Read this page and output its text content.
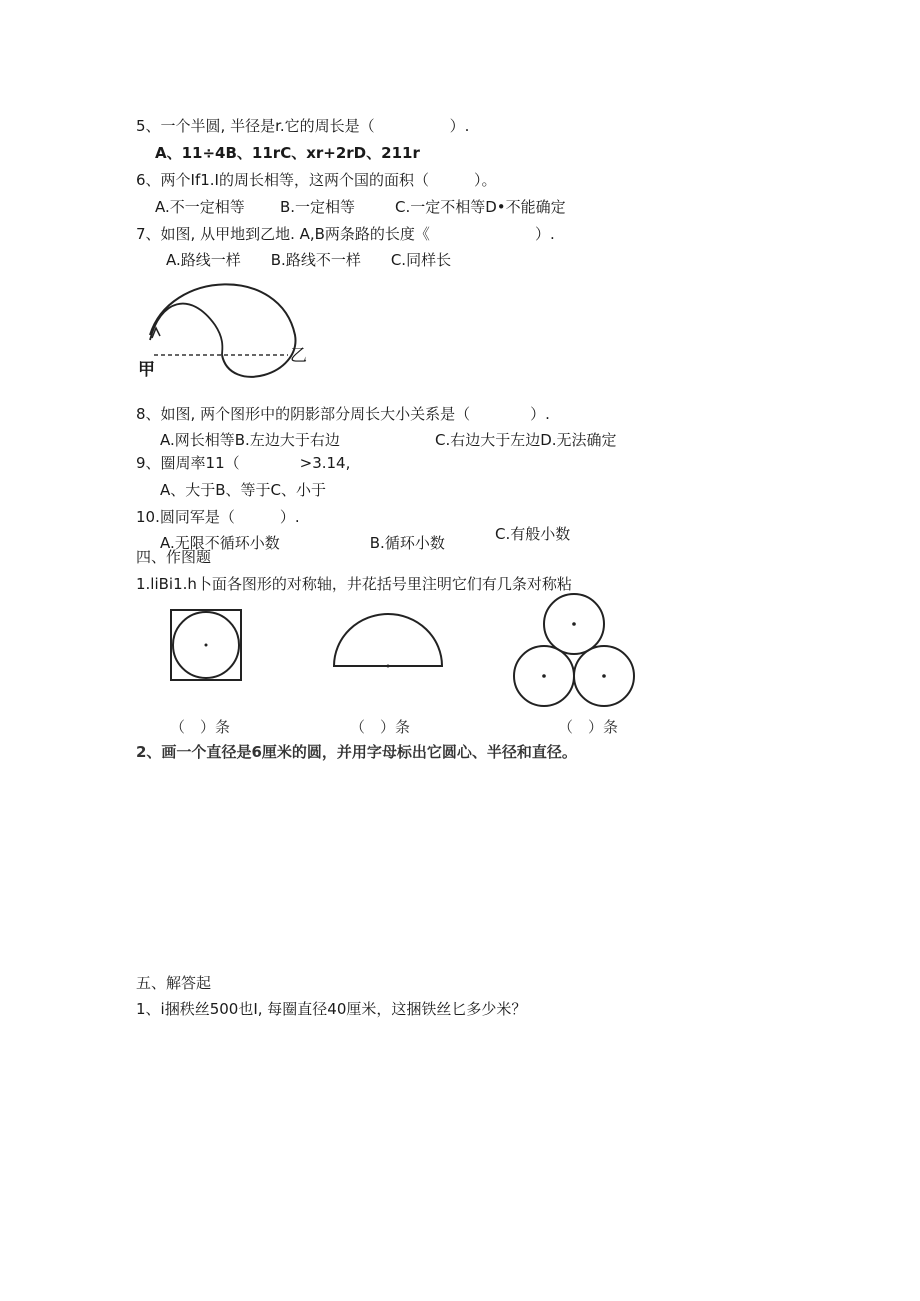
5、一个半圆, 半径是r.它的周长是（　　　　　）.
A、11÷4B、11rC、xr+2rD、211r
6、两个If1.I的周长相等，这两个国的面积（　　　）。
A.不一定相等 B.一定相等	C.一定不相等D•不能确定
7、如图, 从甲地到乙地. A,B两条路的长度《　　　　　　　）.
　　A.路线一样　　B.路线不一样　　C.同样长
甲
乙
8、如图, 两个图形中的阴影部分周长大小关系是（　　　　）.
A.网长相等B.左边大于右边	C.右边大于左边D.无法确定
9、圈周率11（　　　　>3.14,
A、大于B、等于C、小于
10.圆同军是（　　　）.
C.有般小数
A.无限不循环小数　　　　　　B.循环小数
四、作图题
1.liBi1.h卜面各图形的对称轴，井花括号里注明它们有几条对称粘
（　）条	（　）条	（　）条
2、画一个直径是6厘米的圆，并用字母标出它圆心、半径和直径。
五、解答起
1、i捆秩丝500也I, 每圈直径40厘米，这捆铁丝匕多少米？
